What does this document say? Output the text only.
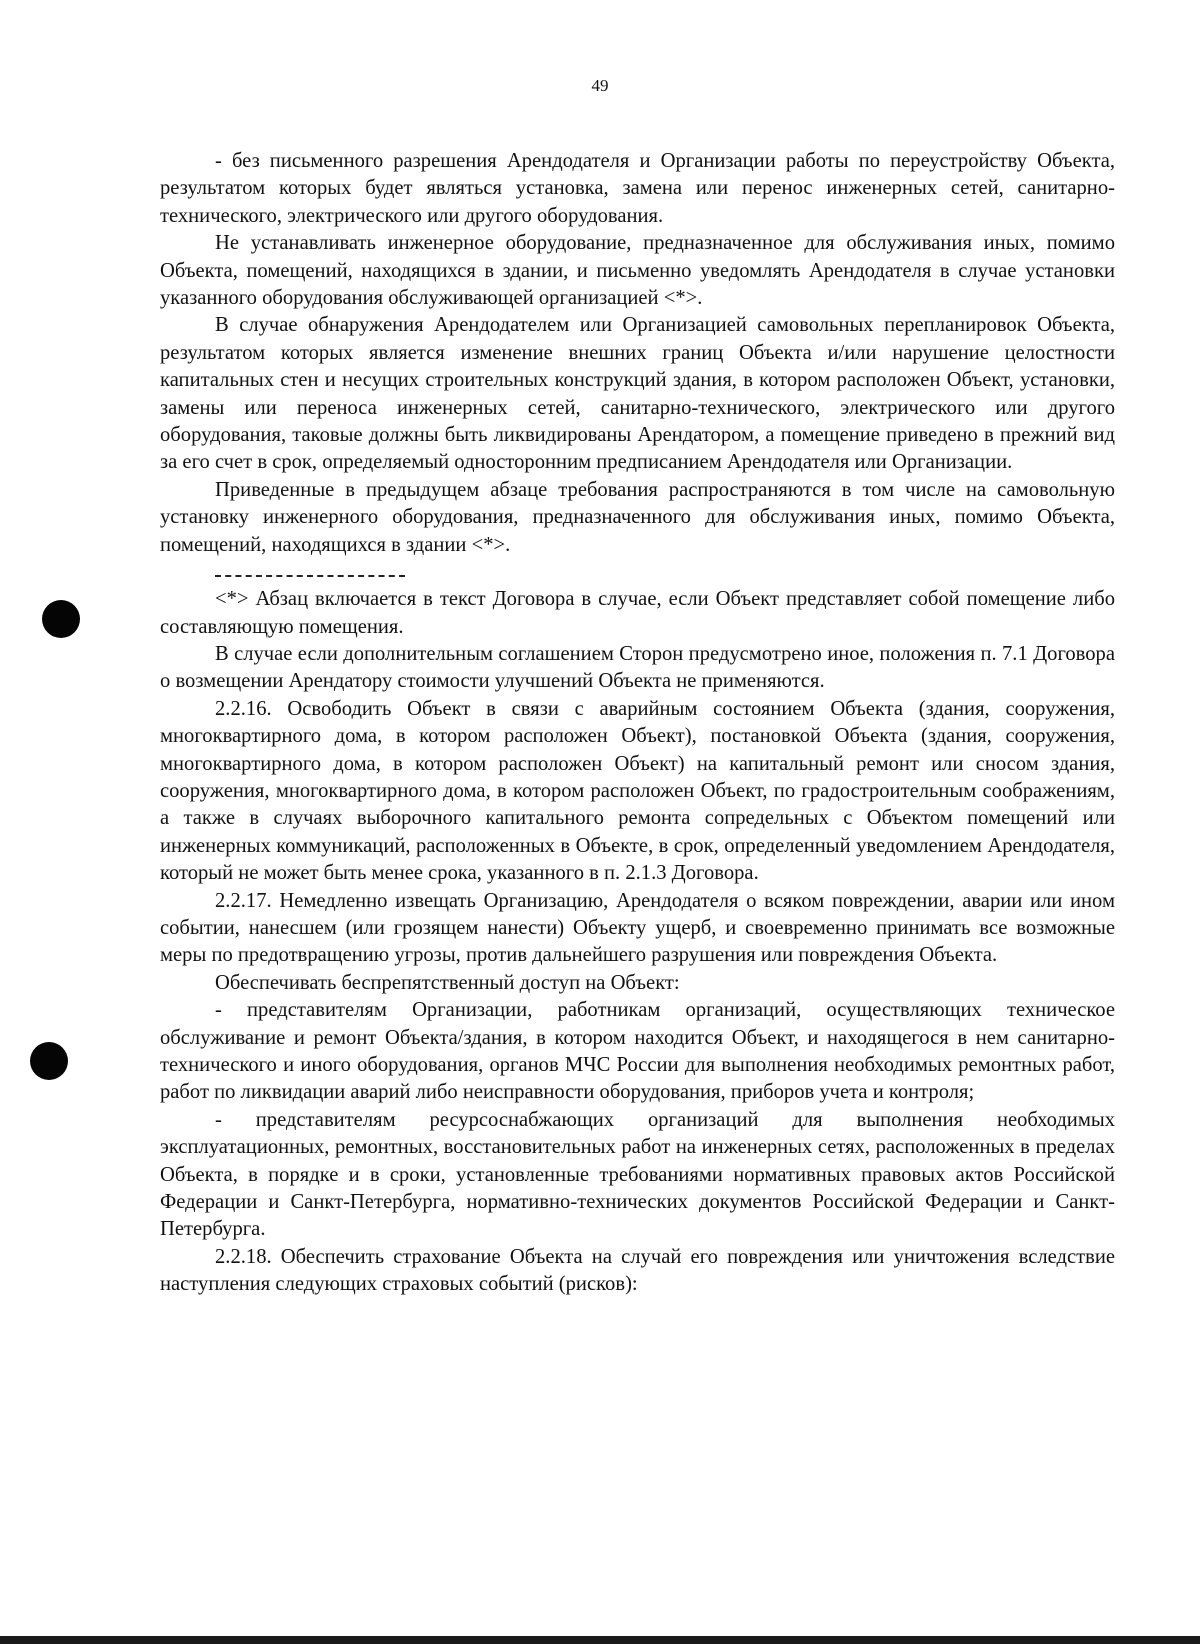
49

- без письменного разрешения Арендодателя и Организации работы по переустройству Объекта, результатом которых будет являться установка, замена или перенос инженерных сетей, санитарно-технического, электрического или другого оборудования.

Не устанавливать инженерное оборудование, предназначенное для обслуживания иных, помимо Объекта, помещений, находящихся в здании, и письменно уведомлять Арендодателя в случае установки указанного оборудования обслуживающей организацией <*>.

В случае обнаружения Арендодателем или Организацией самовольных перепланировок Объекта, результатом которых является изменение внешних границ Объекта и/или нарушение целостности капитальных стен и несущих строительных конструкций здания, в котором расположен Объект, установки, замены или переноса инженерных сетей, санитарно-технического, электрического или другого оборудования, таковые должны быть ликвидированы Арендатором, а помещение приведено в прежний вид за его счет в срок, определяемый односторонним предписанием Арендодателя или Организации.

Приведенные в предыдущем абзаце требования распространяются в том числе на самовольную установку инженерного оборудования, предназначенного для обслуживания иных, помимо Объекта, помещений, находящихся в здании <*>.

<*> Абзац включается в текст Договора в случае, если Объект представляет собой помещение либо составляющую помещения.

В случае если дополнительным соглашением Сторон предусмотрено иное, положения п. 7.1 Договора о возмещении Арендатору стоимости улучшений Объекта не применяются.

2.2.16. Освободить Объект в связи с аварийным состоянием Объекта (здания, сооружения, многоквартирного дома, в котором расположен Объект), постановкой Объекта (здания, сооружения, многоквартирного дома, в котором расположен Объект) на капитальный ремонт или сносом здания, сооружения, многоквартирного дома, в котором расположен Объект, по градостроительным соображениям, а также в случаях выборочного капитального ремонта сопредельных с Объектом помещений или инженерных коммуникаций, расположенных в Объекте, в срок, определенный уведомлением Арендодателя, который не может быть менее срока, указанного в п. 2.1.3 Договора.

2.2.17. Немедленно извещать Организацию, Арендодателя о всяком повреждении, аварии или ином событии, нанесшем (или грозящем нанести) Объекту ущерб, и своевременно принимать все возможные меры по предотвращению угрозы, против дальнейшего разрушения или повреждения Объекта.

Обеспечивать беспрепятственный доступ на Объект:

- представителям Организации, работникам организаций, осуществляющих техническое обслуживание и ремонт Объекта/здания, в котором находится Объект, и находящегося в нем санитарно-технического и иного оборудования, органов МЧС России для выполнения необходимых ремонтных работ, работ по ликвидации аварий либо неисправности оборудования, приборов учета и контроля;

- представителям ресурсоснабжающих организаций для выполнения необходимых эксплуатационных, ремонтных, восстановительных работ на инженерных сетях, расположенных в пределах Объекта, в порядке и в сроки, установленные требованиями нормативных правовых актов Российской Федерации и Санкт-Петербурга, нормативно-технических документов Российской Федерации и Санкт-Петербурга.

2.2.18. Обеспечить страхование Объекта на случай его повреждения или уничтожения вследствие наступления следующих страховых событий (рисков):
